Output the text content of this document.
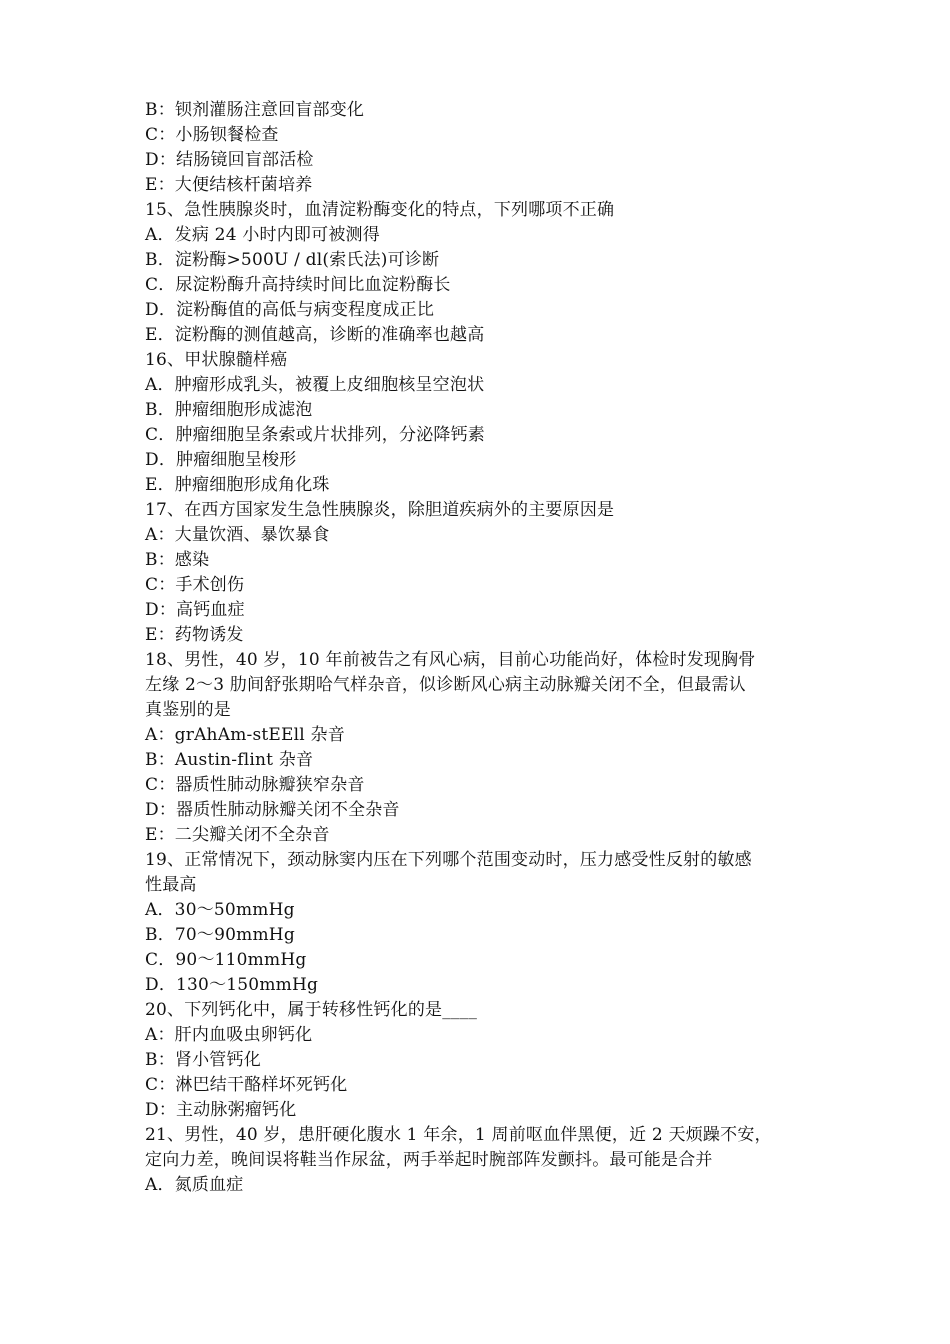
B：钡剂灌肠注意回盲部变化
C：小肠钡餐检查
D：结肠镜回盲部活检
E：大便结核杆菌培养
15、急性胰腺炎时，血清淀粉酶变化的特点，下列哪项不正确
A．发病 24 小时内即可被测得
B．淀粉酶>500U / dl(索氏法)可诊断
C．尿淀粉酶升高持续时间比血淀粉酶长
D．淀粉酶值的高低与病变程度成正比
E．淀粉酶的测值越高，诊断的准确率也越高
16、甲状腺髓样癌
A．肿瘤形成乳头，被覆上皮细胞核呈空泡状
B．肿瘤细胞形成滤泡
C．肿瘤细胞呈条索或片状排列，分泌降钙素
D．肿瘤细胞呈梭形
E．肿瘤细胞形成角化珠
17、在西方国家发生急性胰腺炎，除胆道疾病外的主要原因是
A：大量饮酒、暴饮暴食
B：感染
C：手术创伤
D：高钙血症
E：药物诱发
18、男性，40 岁，10 年前被告之有风心病，目前心功能尚好，体检时发现胸骨
左缘 2～3 肋间舒张期哈气样杂音，似诊断风心病主动脉瓣关闭不全，但最需认
真鉴别的是
A：grAhAm-stEEll 杂音
B：Austin-flint 杂音
C：器质性肺动脉瓣狭窄杂音
D：器质性肺动脉瓣关闭不全杂音
E：二尖瓣关闭不全杂音
19、正常情况下，颈动脉窦内压在下列哪个范围变动时，压力感受性反射的敏感
性最高
A．30～50mmHg
B．70～90mmHg
C．90～110mmHg
D．130～150mmHg
20、下列钙化中，属于转移性钙化的是____
A：肝内血吸虫卵钙化
B：肾小管钙化
C：淋巴结干酪样坏死钙化
D：主动脉粥瘤钙化
21、男性，40 岁，患肝硬化腹水 1 年余，1 周前呕血伴黑便，近 2 天烦躁不安，
定向力差，晚间误将鞋当作尿盆，两手举起时腕部阵发颤抖。最可能是合并
A．氮质血症
